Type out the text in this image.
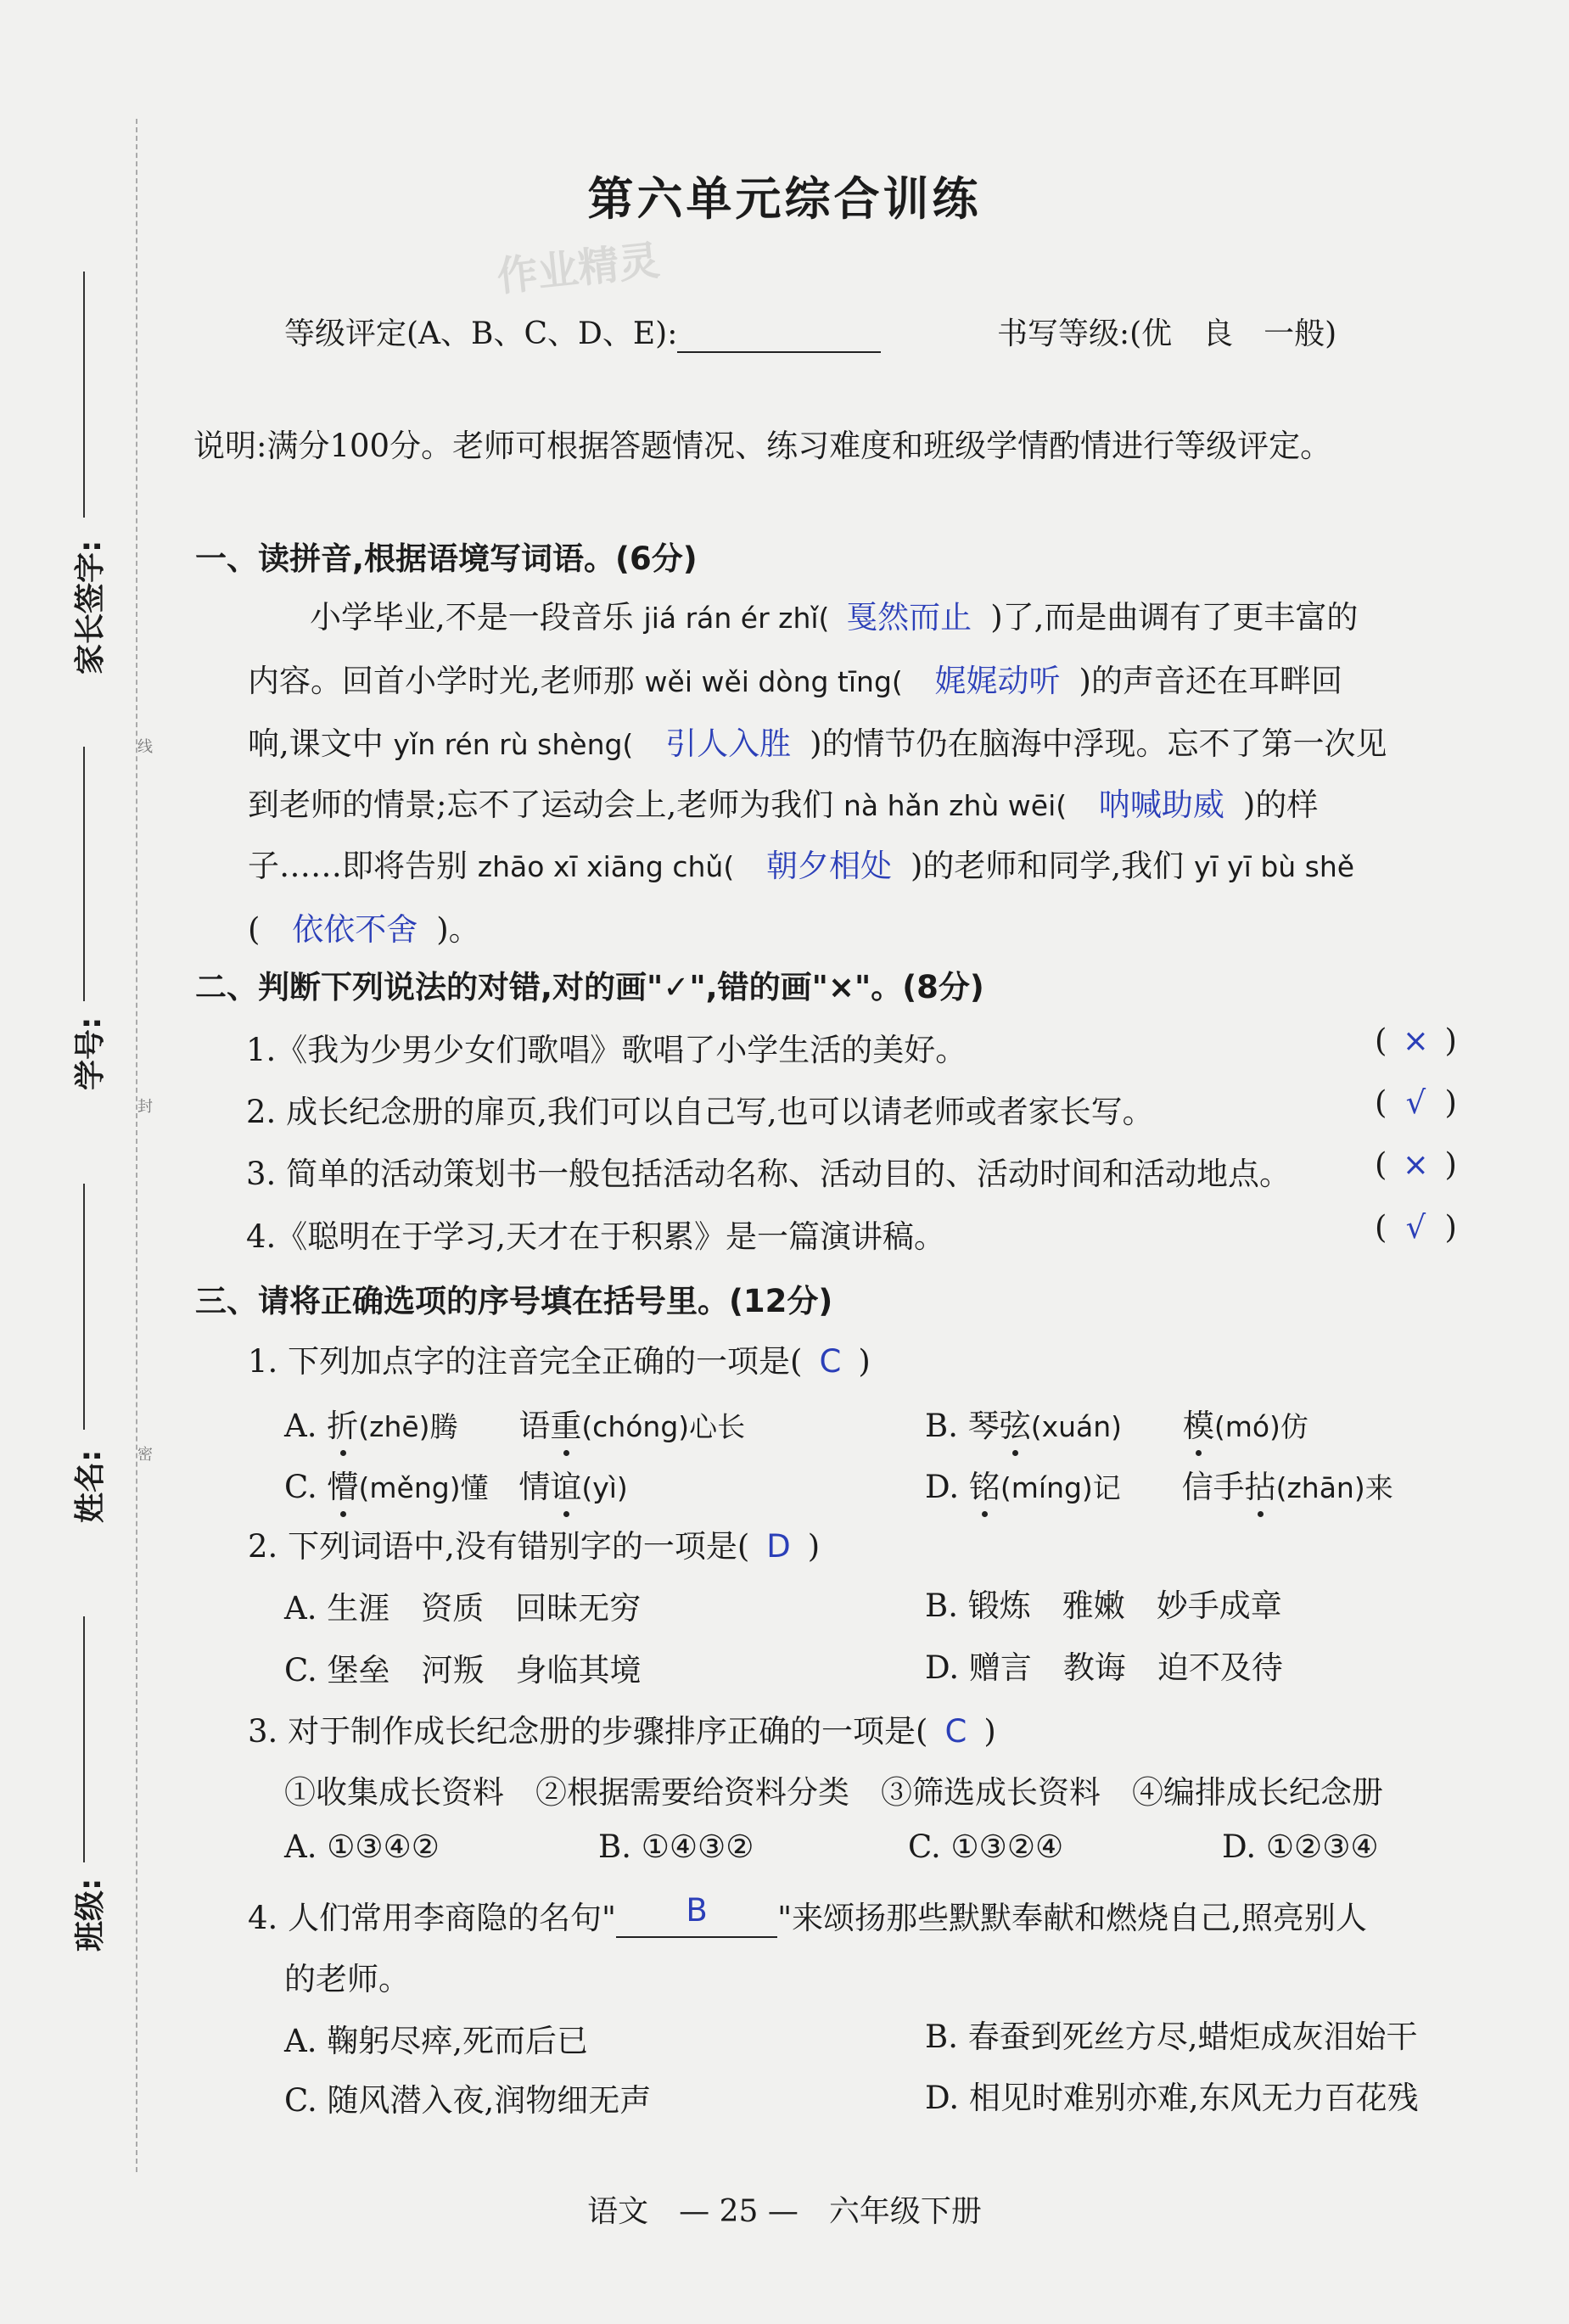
线
封
密
家长签字:
学号:
姓名:
班级:
第六单元综合训练
作业精灵
等级评定(A、B、C、D、E):	书写等级:(优　良　一般)
说明:满分100分。老师可根据答题情况、练习难度和班级学情酌情进行等级评定。
一、读拼音,根据语境写词语。(6分)
小学毕业,不是一段音乐 jiá rán ér zhǐ( 戛然而止 )了,而是曲调有了更丰富的
内容。回首小学时光,老师那 wěi wěi dòng tīng( 娓娓动听 )的声音还在耳畔回
响,课文中 yǐn rén rù shèng( 引人入胜 )的情节仍在脑海中浮现。忘不了第一次见
到老师的情景;忘不了运动会上,老师为我们 nà hǎn zhù wēi( 呐喊助威 )的样
子……即将告别 zhāo xī xiāng chǔ( 朝夕相处 )的老师和同学,我们 yī yī bù shě
( 依依不舍 )。
二、判断下列说法的对错,对的画"✓",错的画"×"。(8分)
1.《我为少男少女们歌唱》歌唱了小学生活的美好。	( × )
2. 成长纪念册的扉页,我们可以自己写,也可以请老师或者家长写。	( √ )
3. 简单的活动策划书一般包括活动名称、活动目的、活动时间和活动地点。	( × )
4.《聪明在于学习,天才在于积累》是一篇演讲稿。	( √ )
三、请将正确选项的序号填在括号里。(12分)
1. 下列加点字的注音完全正确的一项是( C )
A. 折(zhē)腾 语重(chóng)心长	B. 琴弦(xuán) 模(mó)仿
C. 懵(měng)懂 情谊(yì)	D. 铭(míng)记 信手拈(zhān)来
2. 下列词语中,没有错别字的一项是( D )
A. 生涯　资质　回昧无穷	B. 锻炼　雅嫩　妙手成章
C. 堡垒　河叛　身临其境	D. 赠言　教诲　迫不及待
3. 对于制作成长纪念册的步骤排序正确的一项是( C )
①收集成长资料　②根据需要给资料分类　③筛选成长资料　④编排成长纪念册
A. ①③④②	B. ①④③②	C. ①③②④	D. ①②③④
4. 人们常用李商隐的名句" B "来颂扬那些默默奉献和燃烧自己,照亮别人
的老师。
A. 鞠躬尽瘁,死而后已	B. 春蚕到死丝方尽,蜡炬成灰泪始干
C. 随风潜入夜,润物细无声	D. 相见时难别亦难,东风无力百花残
语文　— 25 —　六年级下册
